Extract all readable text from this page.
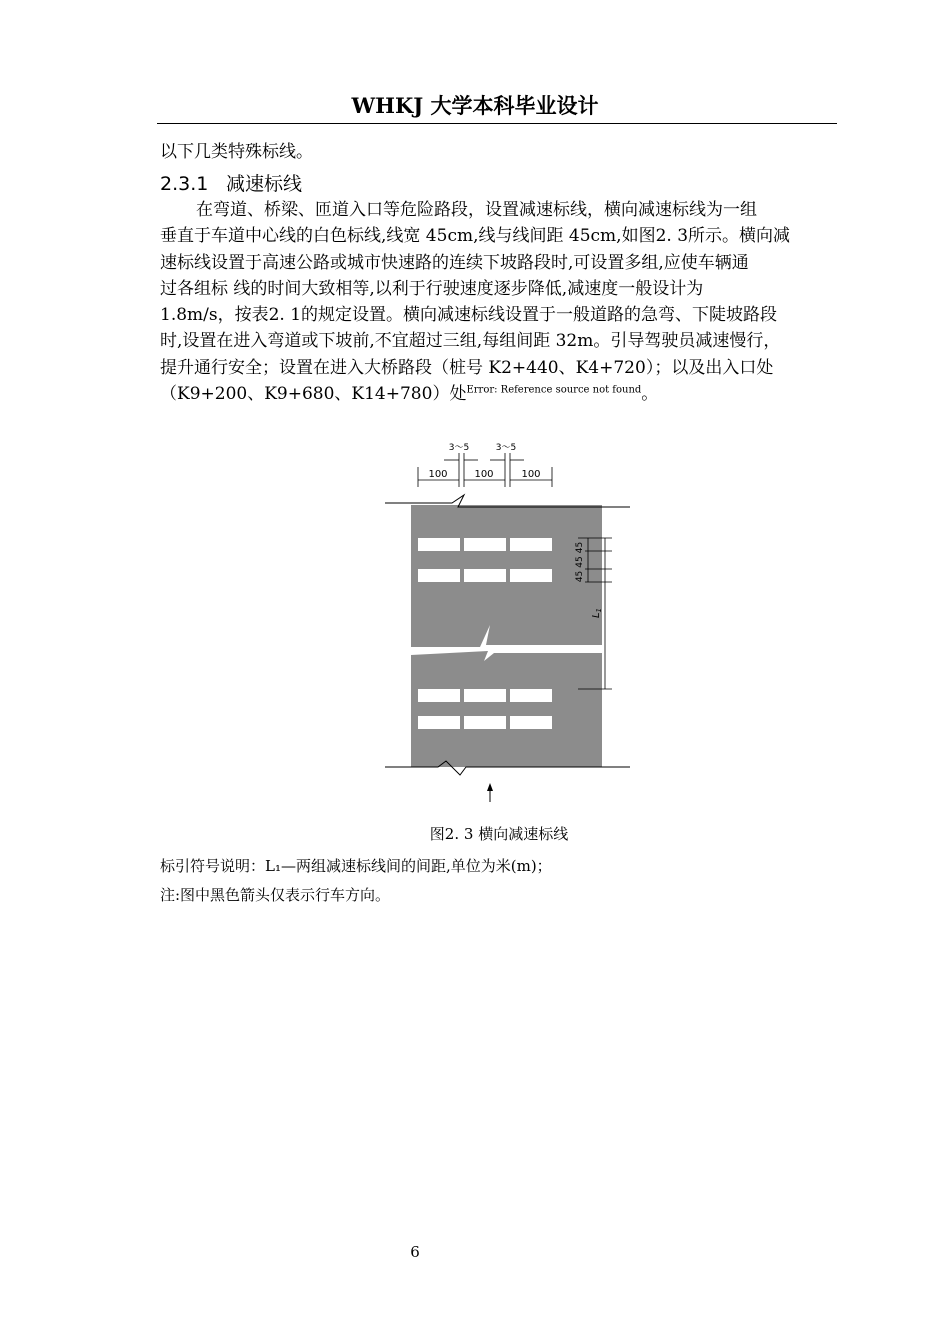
WHKJ 大学本科毕业设计
以下几类特殊标线。
2.3.1 减速标线
在弯道、桥梁、匝道入口等危险路段，设置减速标线，横向减速标线为一组
垂直于车道中心线的白色标线,线宽 45cm,线与线间距 45cm,如图2. 3所示。横向减
速标线设置于高速公路或城市快速路的连续下坡路段时,可设置多组,应使车辆通
过各组标 线的时间大致相等,以利于行驶速度逐步降低,减速度一般设计为
1.8m/s，按表2. 1的规定设置。横向减速标线设置于一般道路的急弯、下陡坡路段
时,设置在进入弯道或下坡前,不宜超过三组,每组间距 32m。引导驾驶员减速慢行，
提升通行安全；设置在进入大桥路段（桩号 K2+440、K4+720）；以及出入口处
（K9+200、K9+680、K14+780）处$^{Error: Reference source not found}$。
3～5	3～5
100	100	100
454545
$L_1$
图2. 3 横向减速标线
标引符号说明：L₁—两组减速标线间的间距,单位为米(m)；
注:图中黑色箭头仅表示行车方向。
6
